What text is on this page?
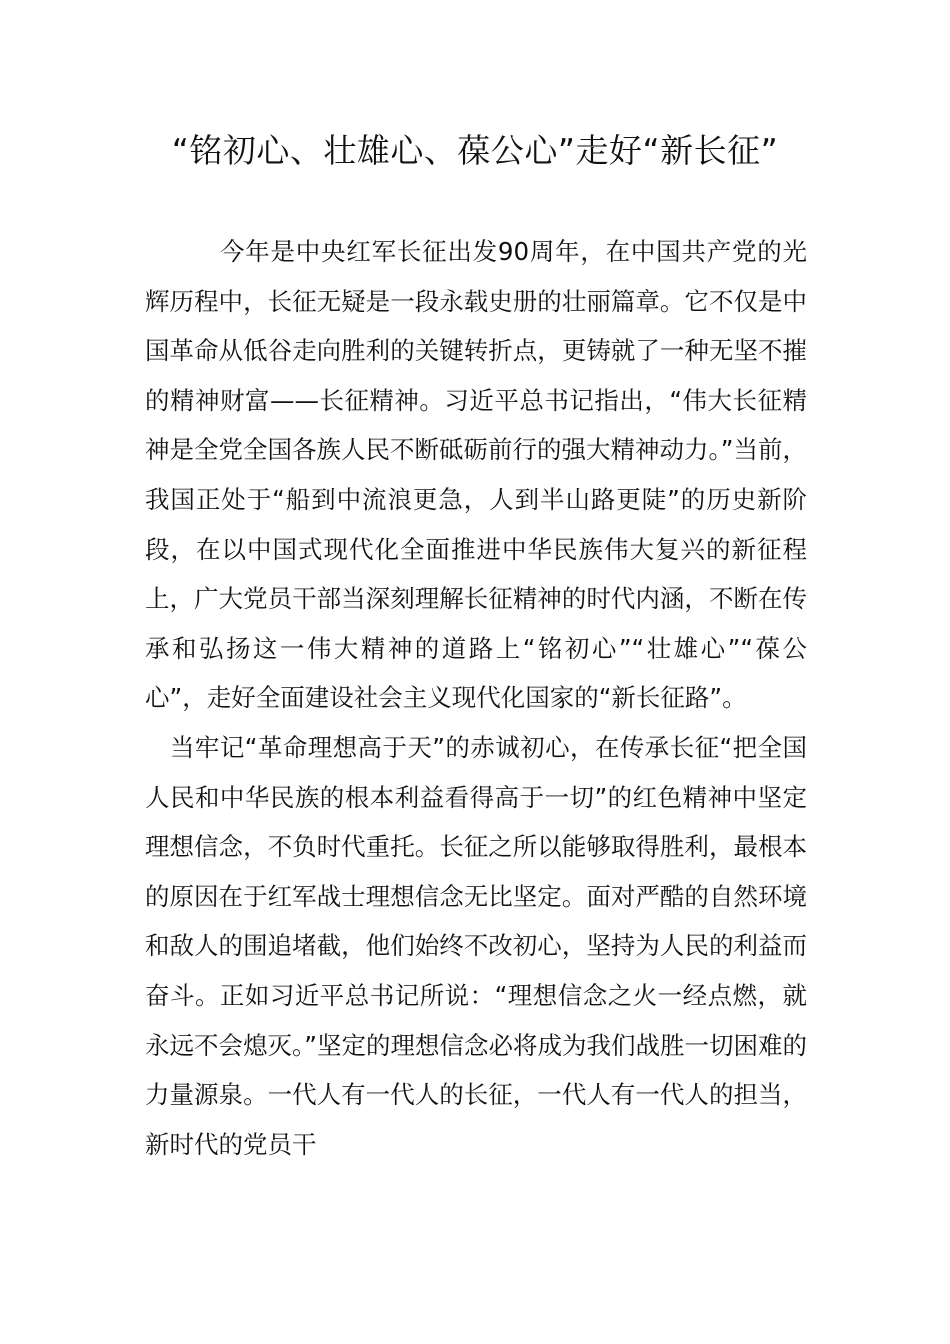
“铭初心、壮雄心、葆公心”走好“新长征”

今年是中央红军长征出发90周年，在中国共产党的光辉历程中，长征无疑是一段永载史册的壮丽篇章。它不仅是中国革命从低谷走向胜利的关键转折点，更铸就了一种无坚不摧的精神财富——长征精神。习近平总书记指出，“伟大长征精神是全党全国各族人民不断砥砺前行的强大精神动力。”当前，我国正处于“船到中流浪更急，人到半山路更陡”的历史新阶段，在以中国式现代化全面推进中华民族伟大复兴的新征程上，广大党员干部当深刻理解长征精神的时代内涵，不断在传承和弘扬这一伟大精神的道路上“铭初心”“壮雄心”“葆公心”，走好全面建设社会主义现代化国家的“新长征路”。

当牢记“革命理想高于天”的赤诚初心，在传承长征“把全国人民和中华民族的根本利益看得高于一切”的红色精神中坚定理想信念，不负时代重托。长征之所以能够取得胜利，最根本的原因在于红军战士理想信念无比坚定。面对严酷的自然环境和敌人的围追堵截，他们始终不改初心，坚持为人民的利益而奋斗。正如习近平总书记所说：“理想信念之火一经点燃，就永远不会熄灭。”坚定的理想信念必将成为我们战胜一切困难的力量源泉。一代人有一代人的长征，一代人有一代人的担当，新时代的党员干
